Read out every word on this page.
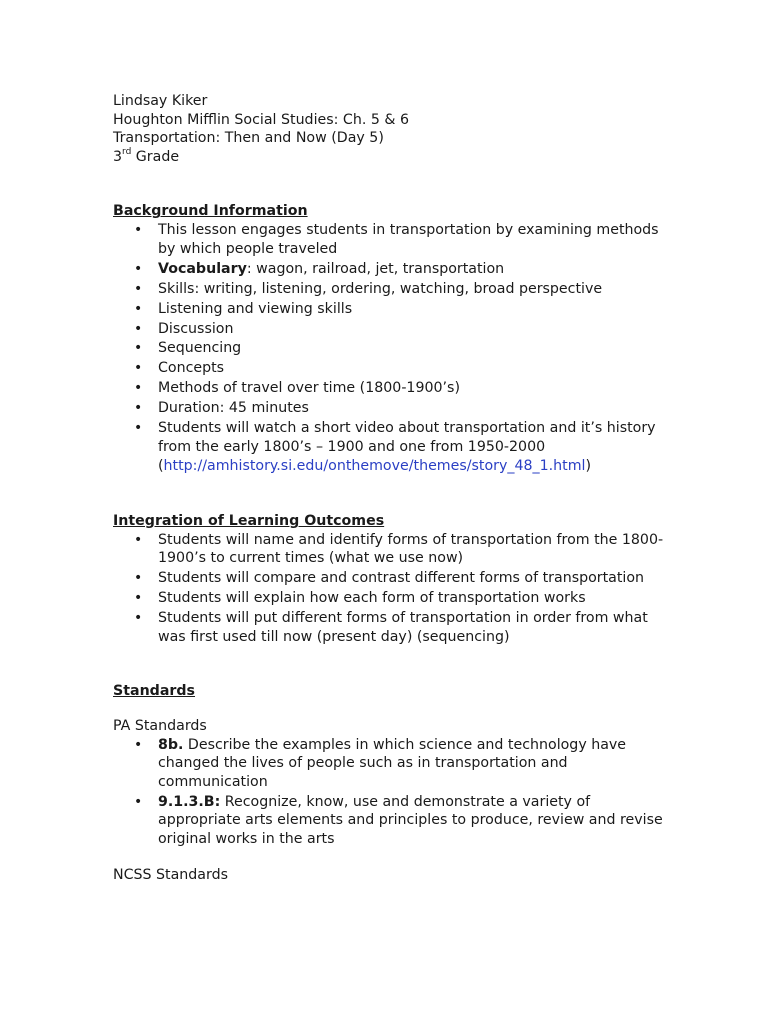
Lindsay Kiker
Houghton Mifflin Social Studies: Ch. 5 & 6
Transportation: Then and Now (Day 5)
3rd Grade
Background Information
• This lesson engages students in transportation by examining methods by which people traveled
• Vocabulary: wagon, railroad, jet, transportation
• Skills: writing, listening, ordering, watching, broad perspective
• Listening and viewing skills
• Discussion
• Sequencing
• Concepts
• Methods of travel over time (1800-1900’s)
• Duration: 45 minutes
• Students will watch a short video about transportation and it’s history from the early 1800’s – 1900 and one from 1950-2000 (http://amhistory.si.edu/onthemove/themes/story_48_1.html)
Integration of Learning Outcomes
• Students will name and identify forms of transportation from the 1800-1900’s to current times (what we use now)
• Students will compare and contrast different forms of transportation
• Students will explain how each form of transportation works
• Students will put different forms of transportation in order from what was first used till now (present day) (sequencing)
Standards
PA Standards
• 8b. Describe the examples in which science and technology have changed the lives of people such as in transportation and communication
• 9.1.3.B: Recognize, know, use and demonstrate a variety of appropriate arts elements and principles to produce, review and revise original works in the arts
NCSS Standards
